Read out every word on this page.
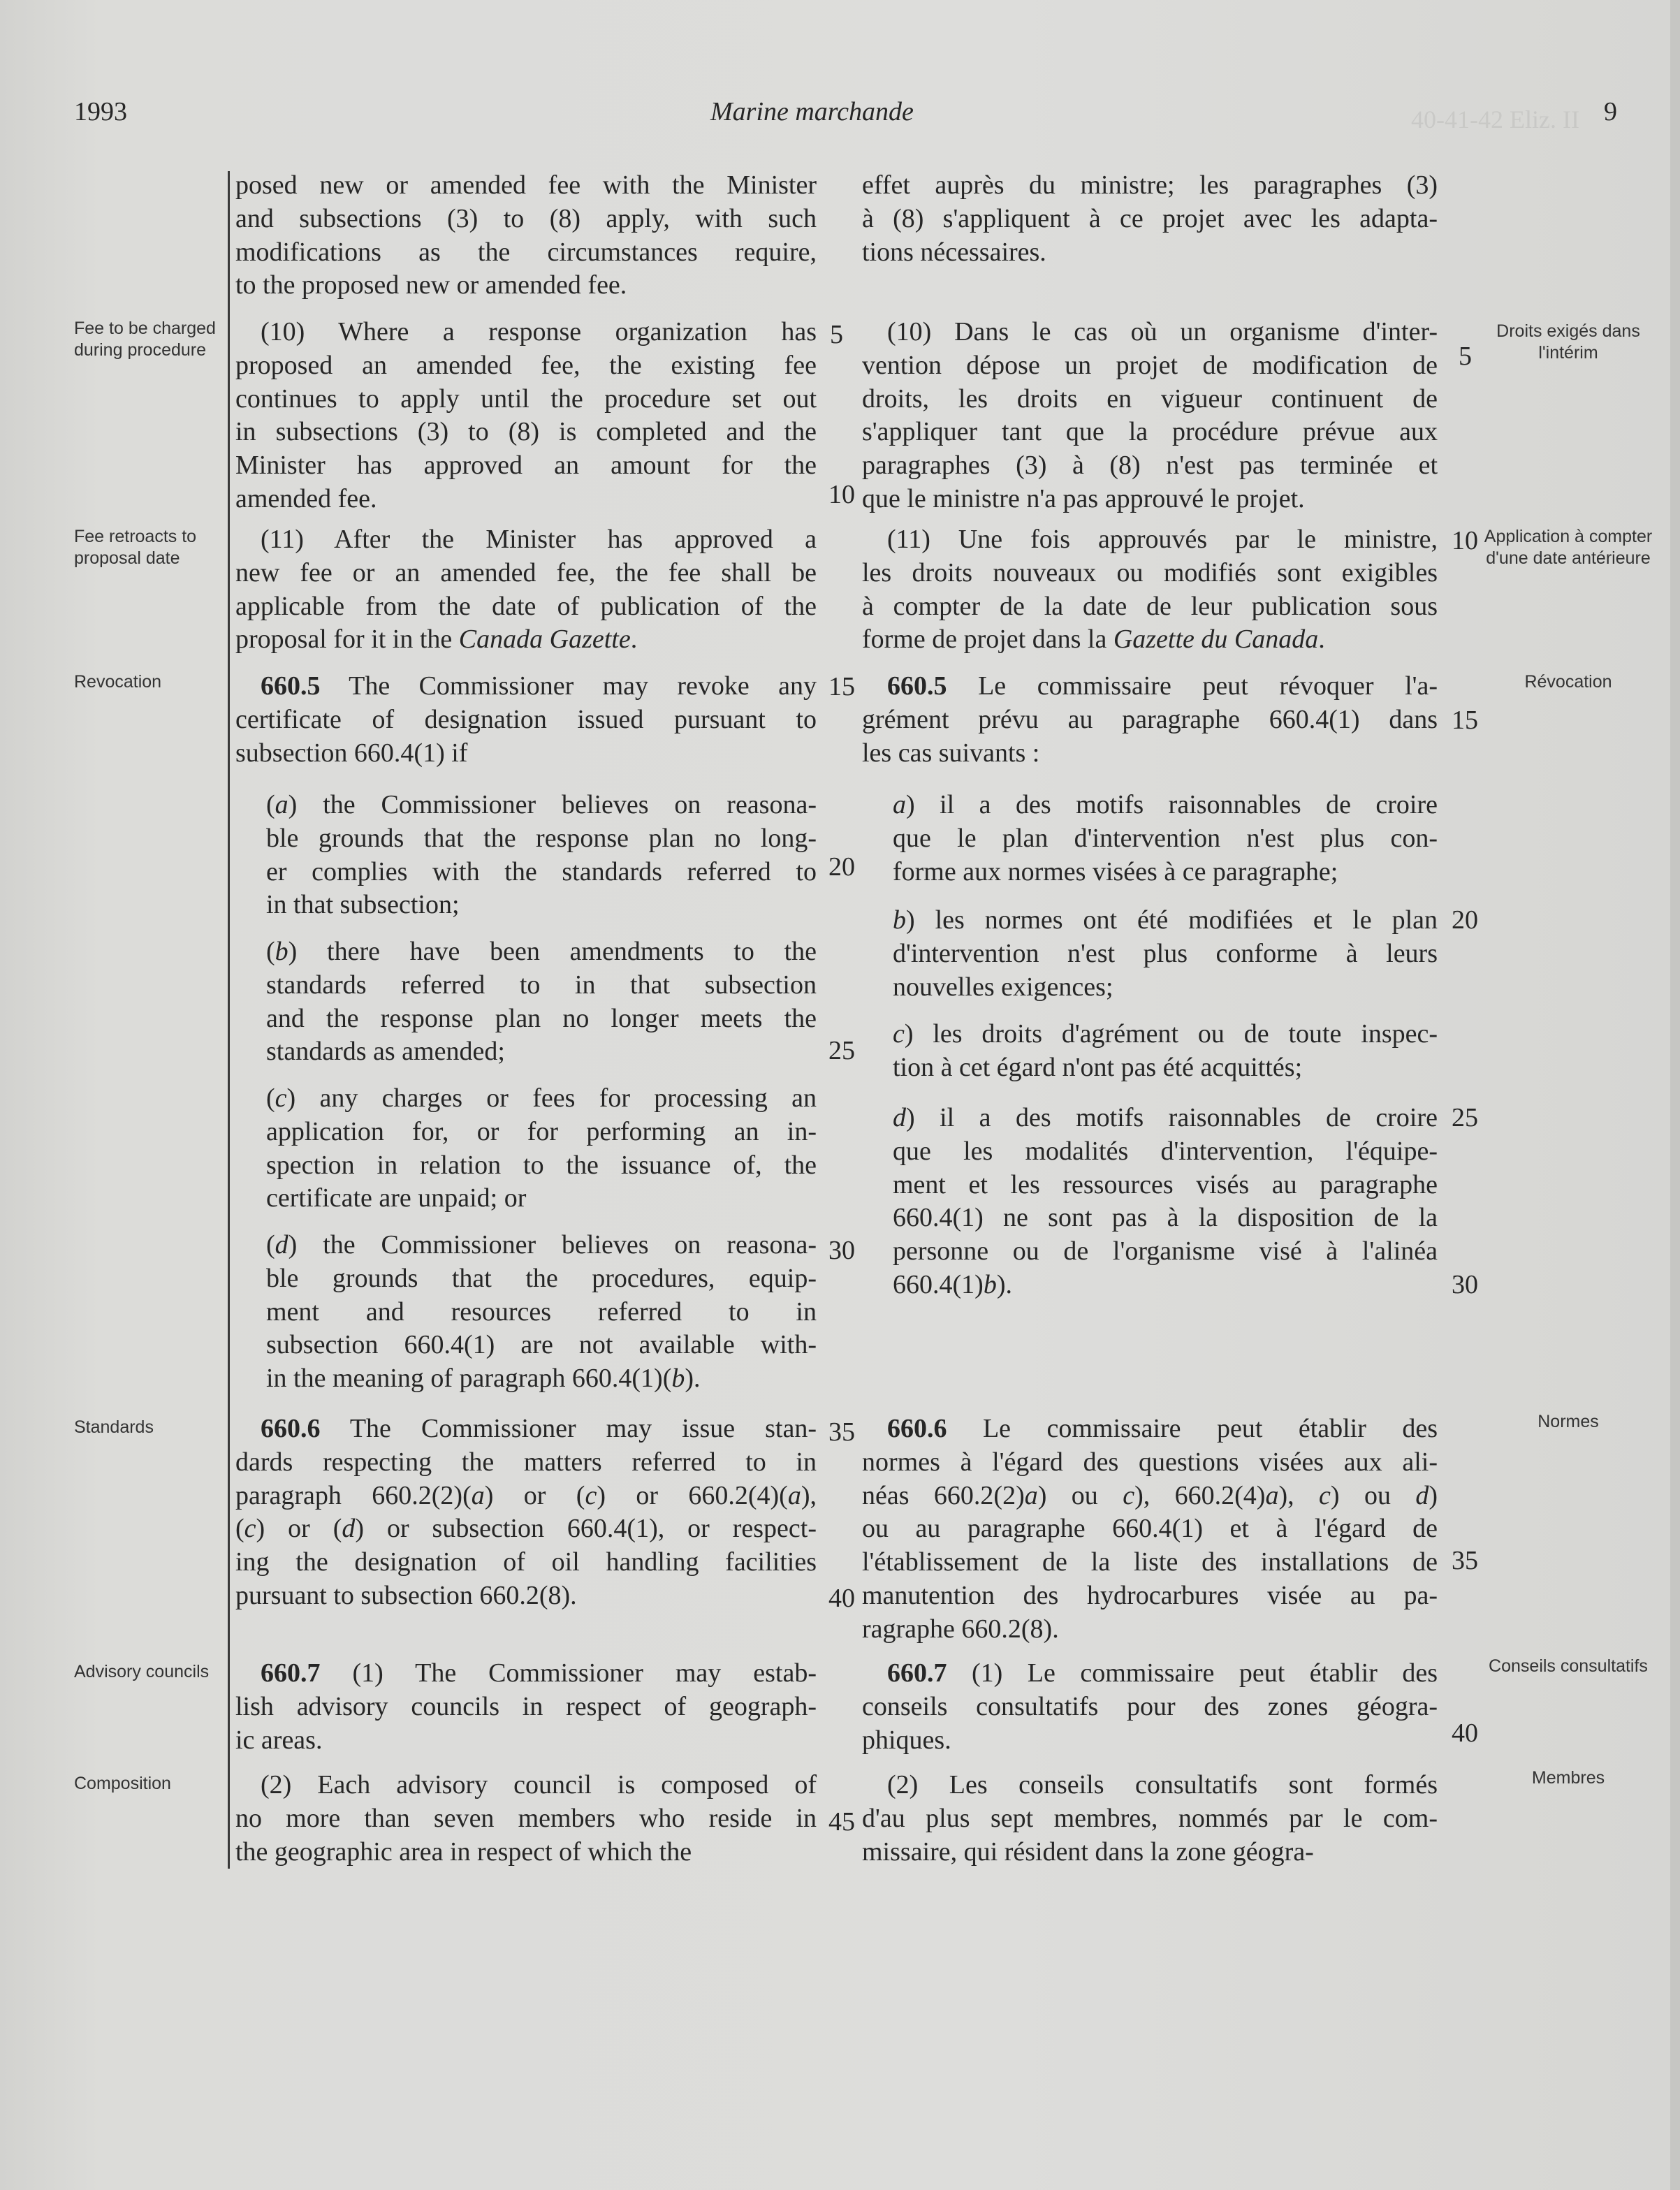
40-41-42 Eliz. II
1993	Marine marchande	9
Fee to be charged during procedure
Fee retroacts to proposal date
Revocation
Standards
Advisory councils
Composition
Droits exigés dans l'intérim
Application à compter d'une date antérieure
Révocation
Normes
Conseils consultatifs
Membres
5
10
15
20
25
30
35
40
45
5
10
15
20
25
30
35
40
posed new or amended fee with the Minister
and subsections (3) to (8) apply, with such
modifications as the circumstances require,
to the proposed new or amended fee.
(10) Where a response organization has
proposed an amended fee, the existing fee
continues to apply until the procedure set out
in subsections (3) to (8) is completed and the
Minister has approved an amount for the
amended fee.
(11) After the Minister has approved a
new fee or an amended fee, the fee shall be
applicable from the date of publication of the
proposal for it in the Canada Gazette.
660.5 The Commissioner may revoke any
certificate of designation issued pursuant to
subsection 660.4(1) if
(a) the Commissioner believes on reasona-
ble grounds that the response plan no long-
er complies with the standards referred to
in that subsection;
(b) there have been amendments to the
standards referred to in that subsection
and the response plan no longer meets the
standards as amended;
(c) any charges or fees for processing an
application for, or for performing an in-
spection in relation to the issuance of, the
certificate are unpaid; or
(d) the Commissioner believes on reasona-
ble grounds that the procedures, equip-
ment and resources referred to in
subsection 660.4(1) are not available with-
in the meaning of paragraph 660.4(1)(b).
660.6 The Commissioner may issue stan-
dards respecting the matters referred to in
paragraph 660.2(2)(a) or (c) or 660.2(4)(a),
(c) or (d) or subsection 660.4(1), or respect-
ing the designation of oil handling facilities
pursuant to subsection 660.2(8).
660.7 (1) The Commissioner may estab-
lish advisory councils in respect of geograph-
ic areas.
(2) Each advisory council is composed of
no more than seven members who reside in
the geographic area in respect of which the
effet auprès du ministre; les paragraphes (3)
à (8) s'appliquent à ce projet avec les adapta-
tions nécessaires.
(10) Dans le cas où un organisme d'inter-
vention dépose un projet de modification de
droits, les droits en vigueur continuent de
s'appliquer tant que la procédure prévue aux
paragraphes (3) à (8) n'est pas terminée et
que le ministre n'a pas approuvé le projet.
(11) Une fois approuvés par le ministre,
les droits nouveaux ou modifiés sont exigibles
à compter de la date de leur publication sous
forme de projet dans la Gazette du Canada.
660.5 Le commissaire peut révoquer l'a-
grément prévu au paragraphe 660.4(1) dans
les cas suivants :
a) il a des motifs raisonnables de croire
que le plan d'intervention n'est plus con-
forme aux normes visées à ce paragraphe;
b) les normes ont été modifiées et le plan
d'intervention n'est plus conforme à leurs
nouvelles exigences;
c) les droits d'agrément ou de toute inspec-
tion à cet égard n'ont pas été acquittés;
d) il a des motifs raisonnables de croire
que les modalités d'intervention, l'équipe-
ment et les ressources visés au paragraphe
660.4(1) ne sont pas à la disposition de la
personne ou de l'organisme visé à l'alinéa
660.4(1)b).
660.6 Le commissaire peut établir des
normes à l'égard des questions visées aux ali-
néas 660.2(2)a) ou c), 660.2(4)a), c) ou d)
ou au paragraphe 660.4(1) et à l'égard de
l'établissement de la liste des installations de
manutention des hydrocarbures visée au pa-
ragraphe 660.2(8).
660.7 (1) Le commissaire peut établir des
conseils consultatifs pour des zones géogra-
phiques.
(2) Les conseils consultatifs sont formés
d'au plus sept membres, nommés par le com-
missaire, qui résident dans la zone géogra-
